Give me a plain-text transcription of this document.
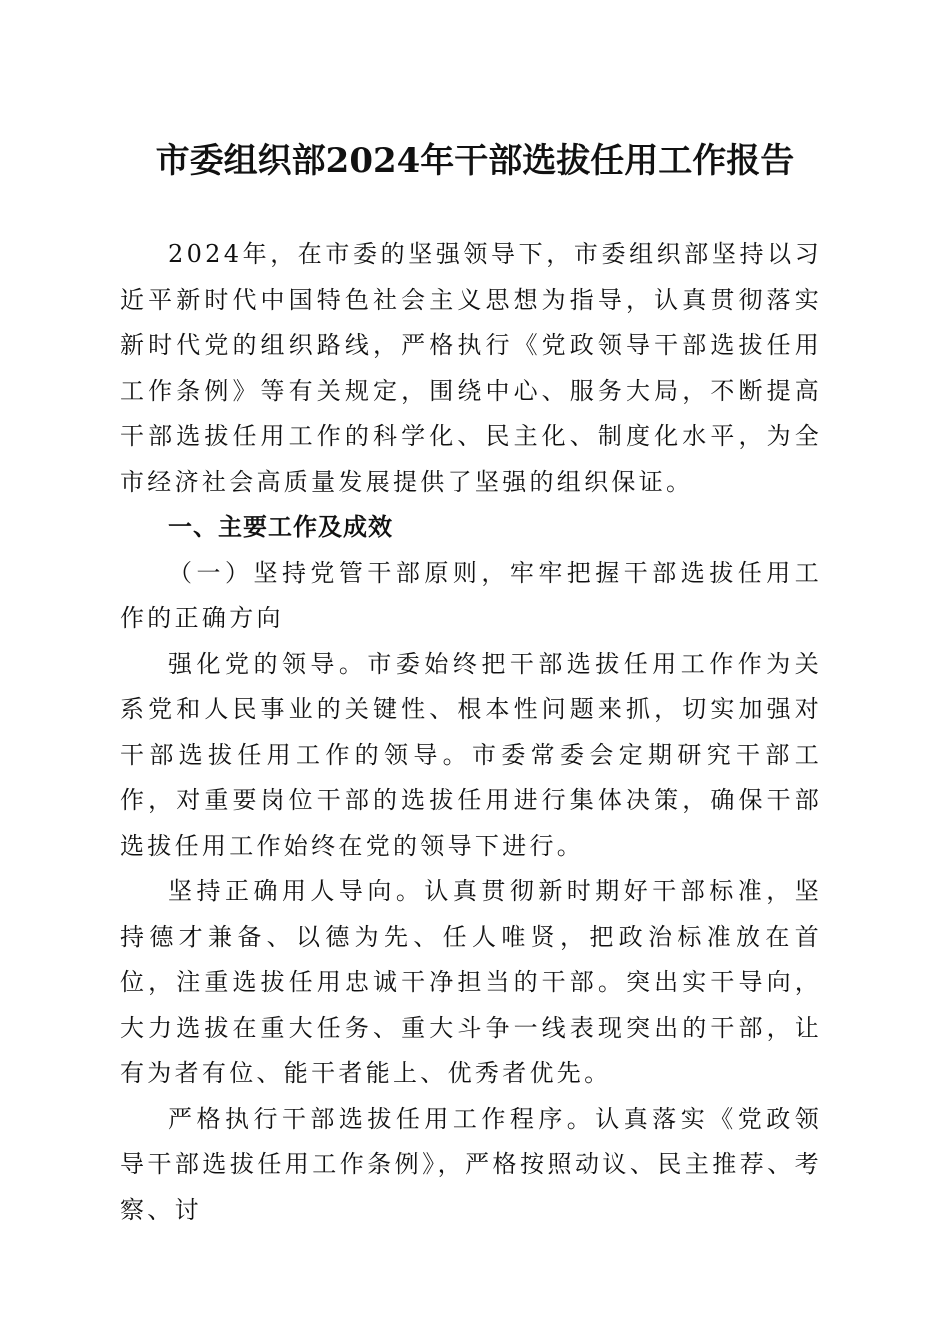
市委组织部2024年干部选拔任用工作报告

2024年，在市委的坚强领导下，市委组织部坚持以习近平新时代中国特色社会主义思想为指导，认真贯彻落实新时代党的组织路线，严格执行《党政领导干部选拔任用工作条例》等有关规定，围绕中心、服务大局，不断提高干部选拔任用工作的科学化、民主化、制度化水平，为全市经济社会高质量发展提供了坚强的组织保证。

一、主要工作及成效

（一）坚持党管干部原则，牢牢把握干部选拔任用工作的正确方向

强化党的领导。市委始终把干部选拔任用工作作为关系党和人民事业的关键性、根本性问题来抓，切实加强对干部选拔任用工作的领导。市委常委会定期研究干部工作，对重要岗位干部的选拔任用进行集体决策，确保干部选拔任用工作始终在党的领导下进行。

坚持正确用人导向。认真贯彻新时期好干部标准，坚持德才兼备、以德为先、任人唯贤，把政治标准放在首位，注重选拔任用忠诚干净担当的干部。突出实干导向，大力选拔在重大任务、重大斗争一线表现突出的干部，让有为者有位、能干者能上、优秀者优先。

严格执行干部选拔任用工作程序。认真落实《党政领导干部选拔任用工作条例》，严格按照动议、民主推荐、考察、讨
